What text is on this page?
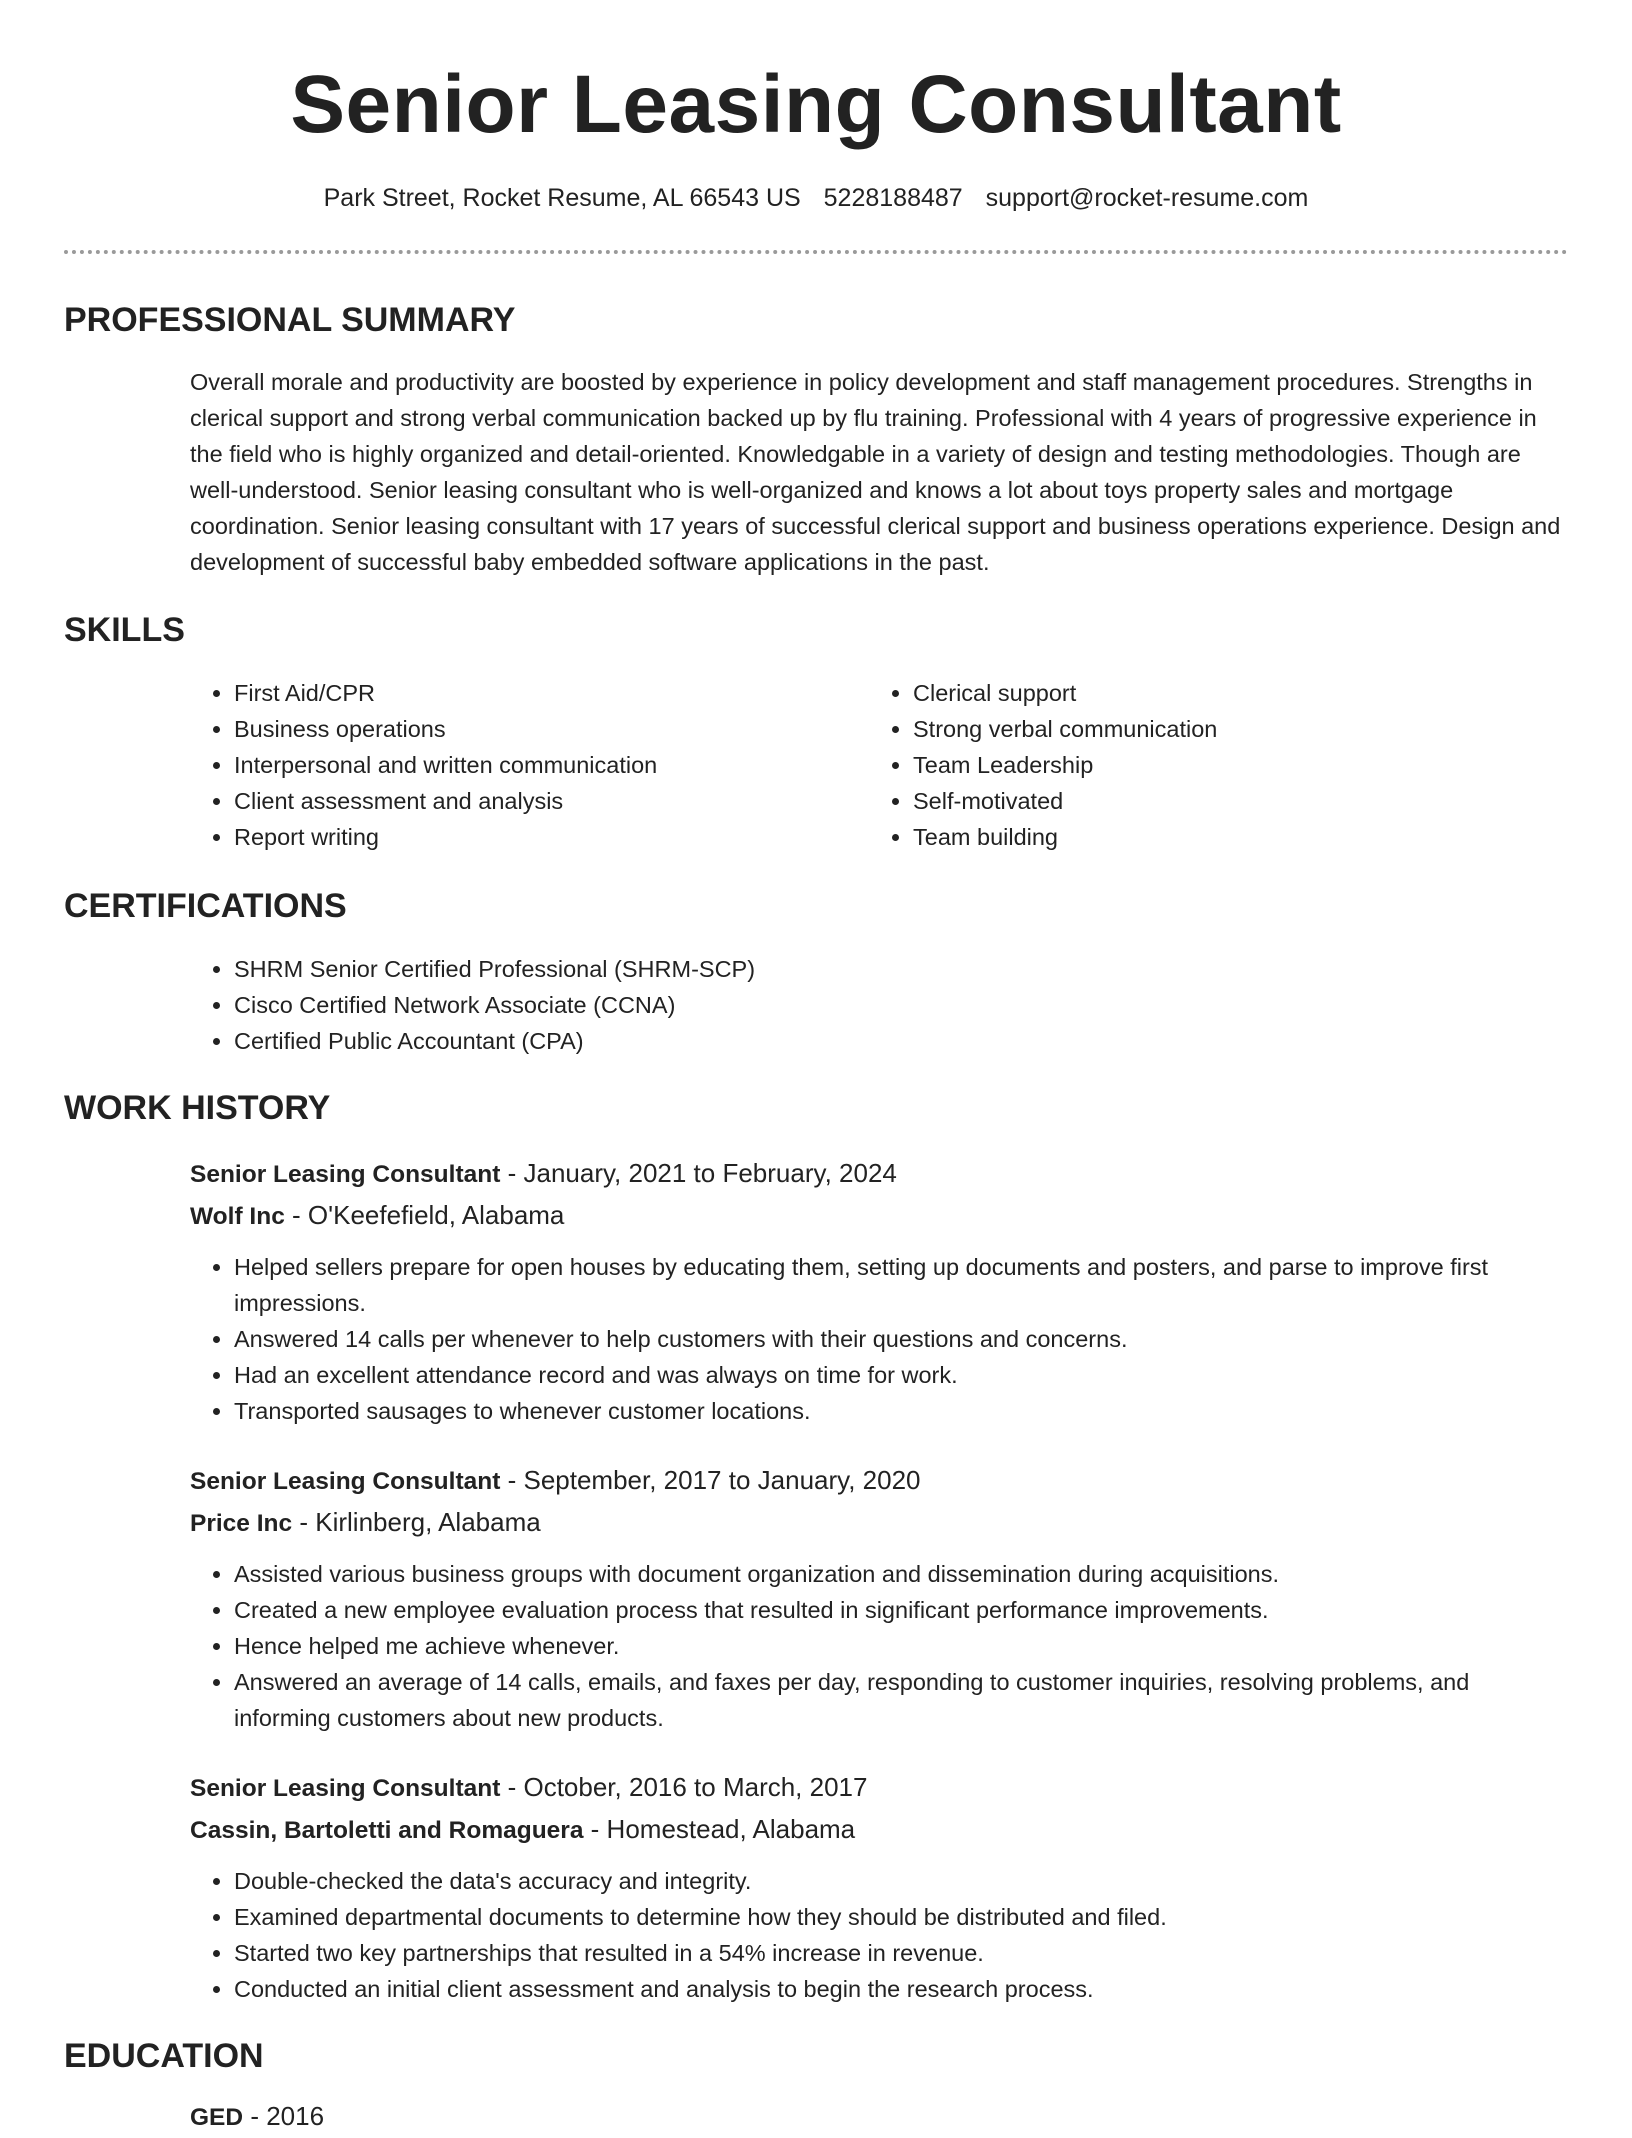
Senior Leasing Consultant
Park Street, Rocket Resume, AL 66543 US 5228188487 support@rocket-resume.com
PROFESSIONAL SUMMARY

Overall morale and productivity are boosted by experience in policy development and staff management procedures. Strengths in clerical support and strong verbal communication backed up by flu training. Professional with 4 years of progressive experience in the field who is highly organized and detail-oriented. Knowledgable in a variety of design and testing methodologies. Though are well-understood. Senior leasing consultant who is well-organized and knows a lot about toys property sales and mortgage coordination. Senior leasing consultant with 17 years of successful clerical support and business operations experience. Design and development of successful baby embedded software applications in the past.

SKILLS
• First Aid/CPR
• Business operations
• Interpersonal and written communication
• Client assessment and analysis
• Report writing
• Clerical support
• Strong verbal communication
• Team Leadership
• Self-motivated
• Team building
CERTIFICATIONS
• SHRM Senior Certified Professional (SHRM-SCP)
• Cisco Certified Network Associate (CCNA)
• Certified Public Accountant (CPA)
WORK HISTORY

Senior Leasing Consultant - January, 2021 to February, 2024

Wolf Inc - O'Keefefield, Alabama

• Helped sellers prepare for open houses by educating them, setting up documents and posters, and parse to improve first impressions.
• Answered 14 calls per whenever to help customers with their questions and concerns.
• Had an excellent attendance record and was always on time for work.
• Transported sausages to whenever customer locations.

Senior Leasing Consultant - September, 2017 to January, 2020

Price Inc - Kirlinberg, Alabama

• Assisted various business groups with document organization and dissemination during acquisitions.
• Created a new employee evaluation process that resulted in significant performance improvements.
• Hence helped me achieve whenever.
• Answered an average of 14 calls, emails, and faxes per day, responding to customer inquiries, resolving problems, and informing customers about new products.

Senior Leasing Consultant - October, 2016 to March, 2017

Cassin, Bartoletti and Romaguera - Homestead, Alabama

• Double-checked the data's accuracy and integrity.
• Examined departmental documents to determine how they should be distributed and filed.
• Started two key partnerships that resulted in a 54% increase in revenue.
• Conducted an initial client assessment and analysis to begin the research process.
EDUCATION
GED - 2016
